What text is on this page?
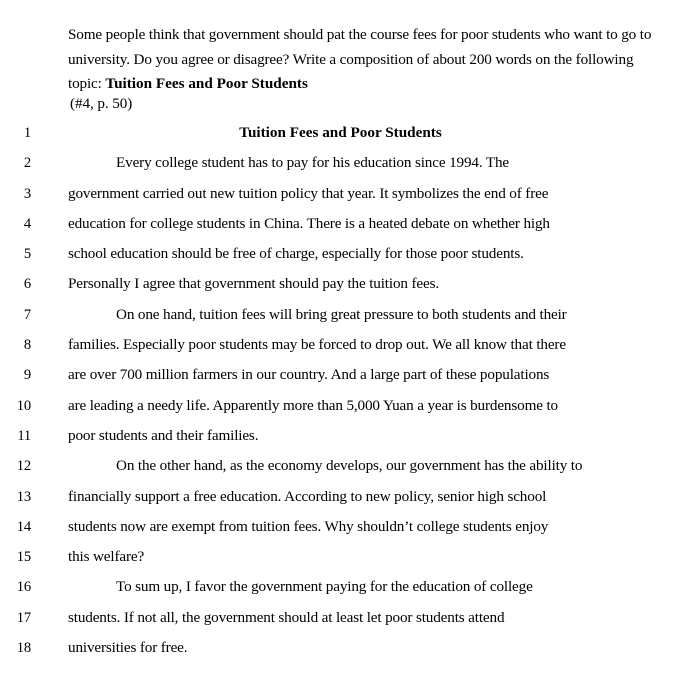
Some people think that government should pat the course fees for poor students who want to go to university. Do you agree or disagree? Write a composition of about 200 words on the following topic: Tuition Fees and Poor Students

(#4, p. 50)
1	Tuition Fees and Poor Students
2	Every college student has to pay for his education since 1994. The
3 government carried out new tuition policy that year. It symbolizes the end of free
4 education for college students in China. There is a heated debate on whether high
5 school education should be free of charge, especially for those poor students.
6 Personally I agree that government should pay the tuition fees.
7	On one hand, tuition fees will bring great pressure to both students and their
8 families. Especially poor students may be forced to drop out. We all know that there
9 are over 700 million farmers in our country. And a large part of these populations
10 are leading a needy life. Apparently more than 5,000 Yuan a year is burdensome to
11 poor students and their families.
12	On the other hand, as the economy develops, our government has the ability to
13 financially support a free education. According to new policy, senior high school
14 students now are exempt from tuition fees. Why shouldn’t college students enjoy
15 this welfare?
16	To sum up, I favor the government paying for the education of college
17 students. If not all, the government should at least let poor students attend
18 universities for free.
